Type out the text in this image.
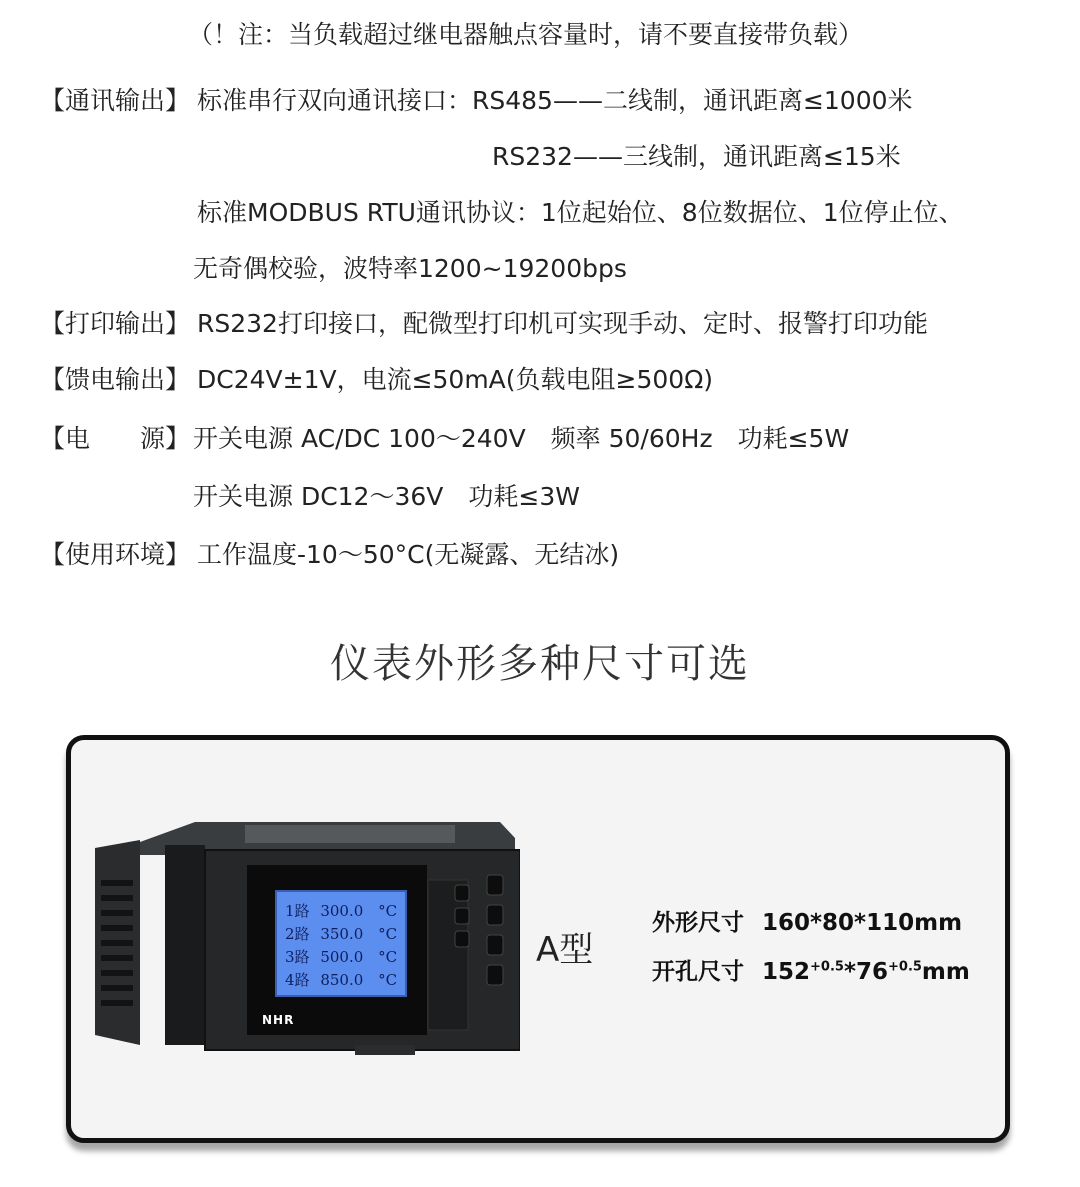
（！注：当负载超过继电器触点容量时，请不要直接带负载）
【通讯输出】 标准串行双向通讯接口：RS485——二线制，通讯距离≤1000米
RS232——三线制，通讯距离≤15米
标准MODBUS RTU通讯协议：1位起始位、8位数据位、1位停止位、
无奇偶校验，波特率1200~19200bps
【打印输出】 RS232打印接口，配微型打印机可实现手动、定时、报警打印功能
【馈电输出】 DC24V±1V，电流≤50mA(负载电阻≥500Ω)
【电　　源】 开关电源 AC/DC 100～240V　频率 50/60Hz　功耗≤5W
开关电源 DC12～36V　功耗≤3W
【使用环境】 工作温度-10～50°C(无凝露、无结冰)
仪表外形多种尺寸可选
1路 300.0 °C
2路 350.0 °C
3路 500.0 °C
4路 850.0 °C
NHR
A型
外形尺寸 160*80*110mm
开孔尺寸 $152^{+0.5}*76^{+0.5}mm$
